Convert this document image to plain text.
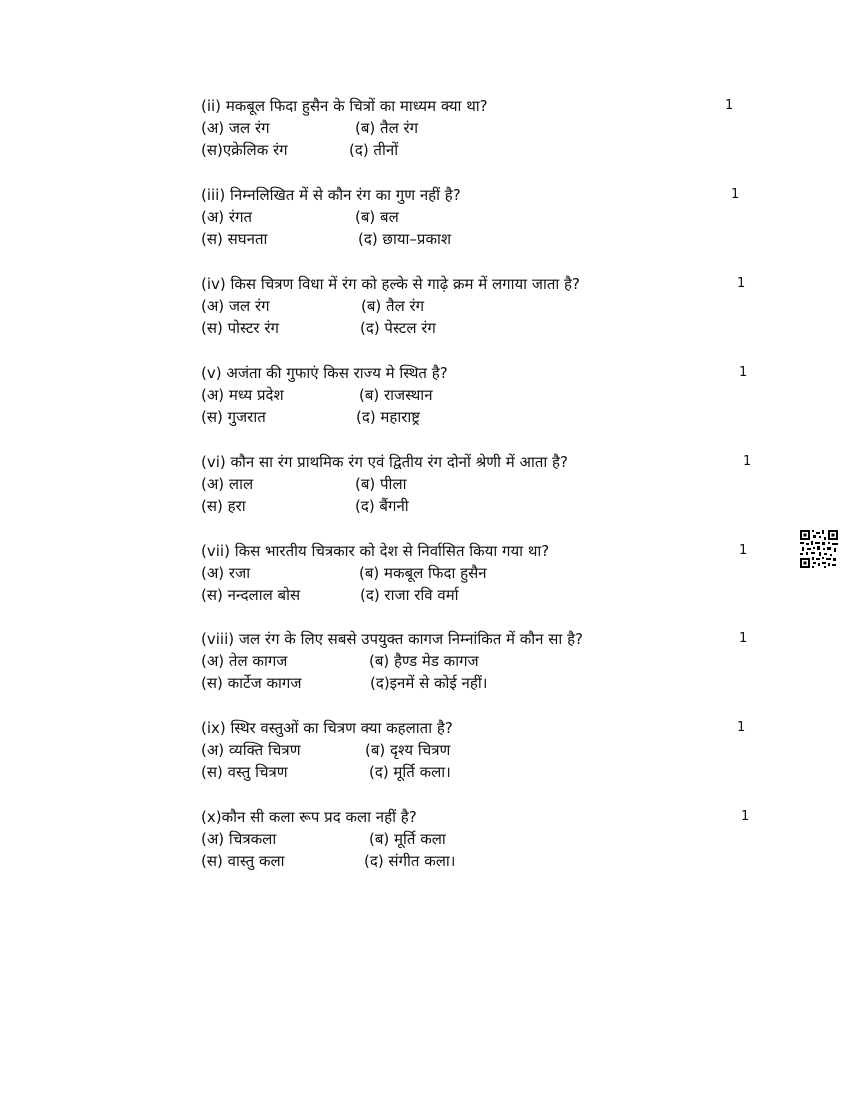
(ii) मकबूल फिदा हुसैन के चित्रों का माध्यम क्या था?	1
(अ) जल रंग	(ब) तैल रंग
(स)एक्रेलिक रंग	(द) तीनों
(iii) निम्नलिखित में से कौन रंग का गुण नहीं है?	1
(अ) रंगत	(ब) बल
(स) सघनता	(द) छाया–प्रकाश
(iv) किस चित्रण विधा में रंग को हल्के से गाढ़े क्रम में लगाया जाता है?	1
(अ) जल रंग	(ब) तैल रंग
(स) पोस्टर रंग	(द) पेस्टल रंग
(v) अजंता की गुफाएं किस राज्य मे स्थित है?	1
(अ) मध्य प्रदेश	(ब) राजस्थान
(स) गुजरात	(द) महाराष्ट्र
(vi) कौन सा रंग प्राथमिक रंग एवं द्वितीय रंग दोनों श्रेणी में आता है?	1
(अ) लाल	(ब) पीला
(स) हरा	(द) बैंगनी
(vii) किस भारतीय चित्रकार को देश से निर्वासित किया गया था?	1
(अ) रजा	(ब) मकबूल फिदा हुसैन
(स) नन्दलाल बोस	(द) राजा रवि वर्मा
(viii) जल रंग के लिए सबसे उपयुक्त कागज निम्नांकित में कौन सा है?	1
(अ) तेल कागज	(ब) हैण्ड मेड कागज
(स) कार्टेज कागज	(द)इनमें से कोई नहीं।
(ix) स्थिर वस्तुओं का चित्रण क्या कहलाता है?	1
(अ) व्यक्ति चित्रण	(ब) दृश्य चित्रण
(स) वस्तु चित्रण	(द) मूर्ति कला।
(x)कौन सी कला रूप प्रद कला नहीं है?	1
(अ) चित्रकला	(ब) मूर्ति कला
(स) वास्तु कला	(द) संगीत कला।
